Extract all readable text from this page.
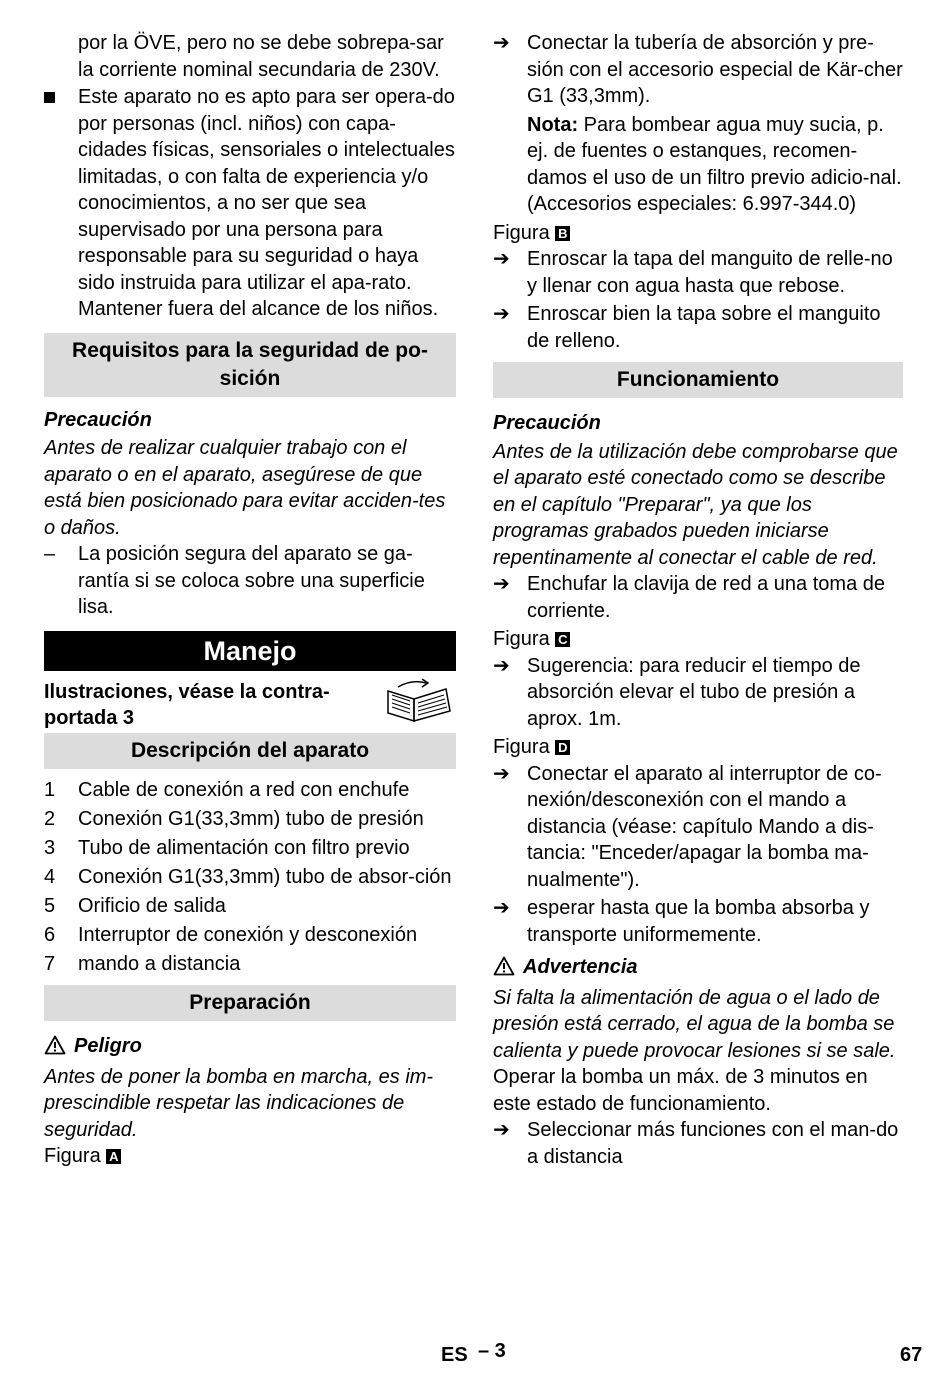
por la ÖVE, pero no se debe sobrepa-sar la corriente nominal secundaria de 230V.

Este aparato no es apto para ser opera-do por personas (incl. niños) con capa-cidades físicas, sensoriales o intelectuales limitadas, o con falta de experiencia y/o conocimientos, a no ser que sea supervisado por una persona para responsable para su seguridad o haya sido instruida para utilizar el apa-rato. Mantener fuera del alcance de los niños.

Requisitos para la seguridad de po-sición

Precaución

Antes de realizar cualquier trabajo con el aparato o en el aparato, asegúrese de que está bien posicionado para evitar acciden-tes o daños.

– La posición segura del aparato se ga-rantía si se coloca sobre una superficie lisa.

Manejo

Ilustraciones, véase la contra-portada 3

Descripción del aparato
1 Cable de conexión a red con enchufe
2 Conexión G1(33,3mm) tubo de presión
3 Tubo de alimentación con filtro previo
4 Conexión G1(33,3mm) tubo de absor-ción
5 Orificio de salida
6 Interruptor de conexión y desconexión
7 mando a distancia
Preparación

Peligro

Antes de poner la bomba en marcha, es im-prescindible respetar las indicaciones de seguridad.

Figura A

➔ Conectar la tubería de absorción y pre-sión con el accesorio especial de Kär-cher G1 (33,3mm).

Nota: Para bombear agua muy sucia, p. ej. de fuentes o estanques, recomen-damos el uso de un filtro previo adicio-nal. (Accesorios especiales: 6.997-344.0)

Figura B

➔ Enroscar la tapa del manguito de relle-no y llenar con agua hasta que rebose.

➔ Enroscar bien la tapa sobre el manguito de relleno.

Funcionamiento

Precaución

Antes de la utilización debe comprobarse que el aparato esté conectado como se describe en el capítulo "Preparar", ya que los programas grabados pueden iniciarse repentinamente al conectar el cable de red.

➔ Enchufar la clavija de red a una toma de corriente.

Figura C

➔ Sugerencia: para reducir el tiempo de absorción elevar el tubo de presión a aprox. 1m.

Figura D

➔ Conectar el aparato al interruptor de co-nexión/desconexión con el mando a distancia (véase: capítulo Mando a dis-tancia: "Enceder/apagar la bomba ma-nualmente").

➔ esperar hasta que la bomba absorba y transporte uniformemente.

Advertencia

Si falta la alimentación de agua o el lado de presión está cerrado, el agua de la bomba se calienta y puede provocar lesiones si se sale.

Operar la bomba un máx. de 3 minutos en este estado de funcionamiento.

➔ Seleccionar más funciones con el man-do a distancia

ES – 3	67
